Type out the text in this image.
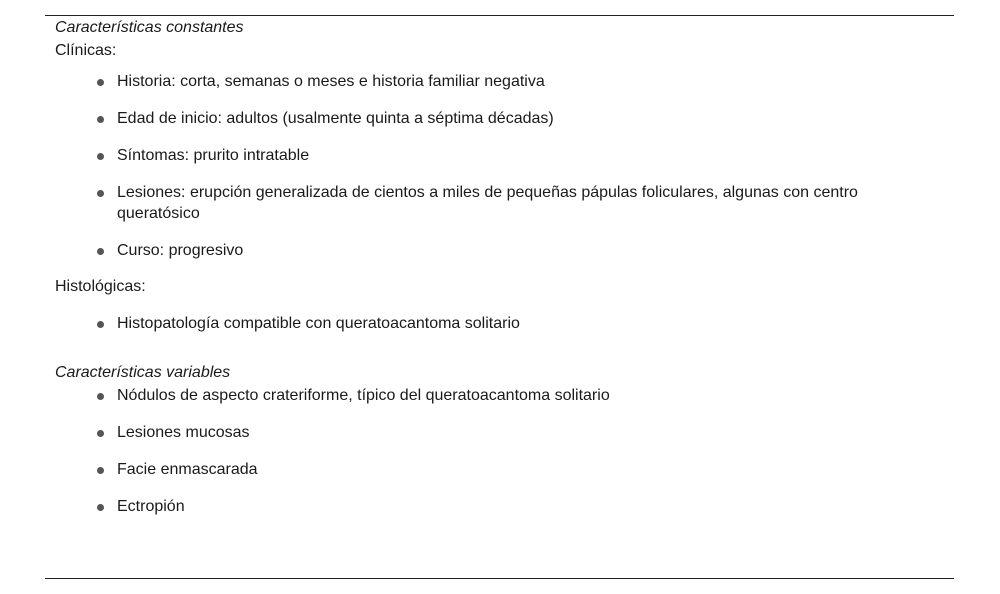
Características constantes
Clínicas:
Historia: corta, semanas o meses e historia familiar negativa
Edad de inicio: adultos (usalmente quinta a séptima décadas)
Síntomas: prurito intratable
Lesiones: erupción generalizada de cientos a miles de pequeñas pápulas foliculares, algunas con centro queratósico
Curso: progresivo
Histológicas:
Histopatología compatible con queratoacantoma solitario
Características variables
Nódulos de aspecto crateriforme, típico del queratoacantoma solitario
Lesiones mucosas
Facie enmascarada
Ectropión
